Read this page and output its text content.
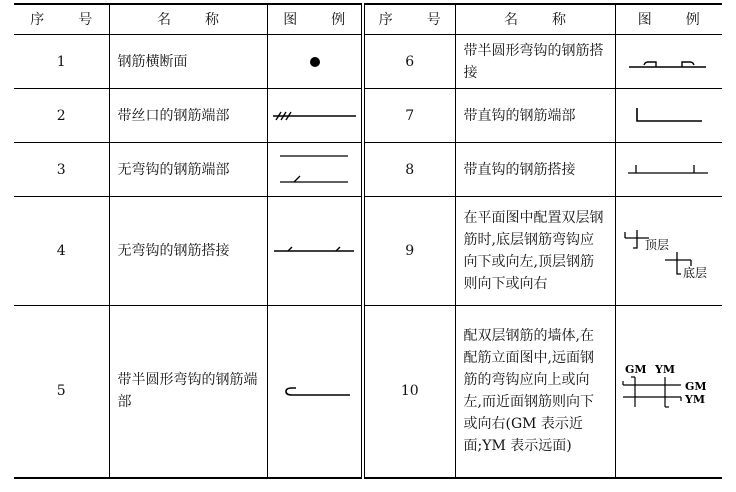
序　号	名　称	图　例	序　号	名　称	图　例
1	钢筋横断面		6	带半圆形弯钩的钢筋搭接	

2	带丝口的钢筋端部		7	带直钩的钢筋端部	

3	无弯钩的钢筋端部		8	带直钩的钢筋搭接	

4	无弯钩的钢筋搭接		9	在平面图中配置双层钢筋时,底层钢筋弯钩应向下或向左,顶层钢筋则向下或向右	顶层
底层

5	带半圆形弯钩的钢筋端部		10	配双层钢筋的墙体,在配筋立面图中,远面钢筋的弯钩应向上或向左,而近面钢筋则向下或向右(GM 表示近面;YM 表示远面)	GM YM
GM
YM
